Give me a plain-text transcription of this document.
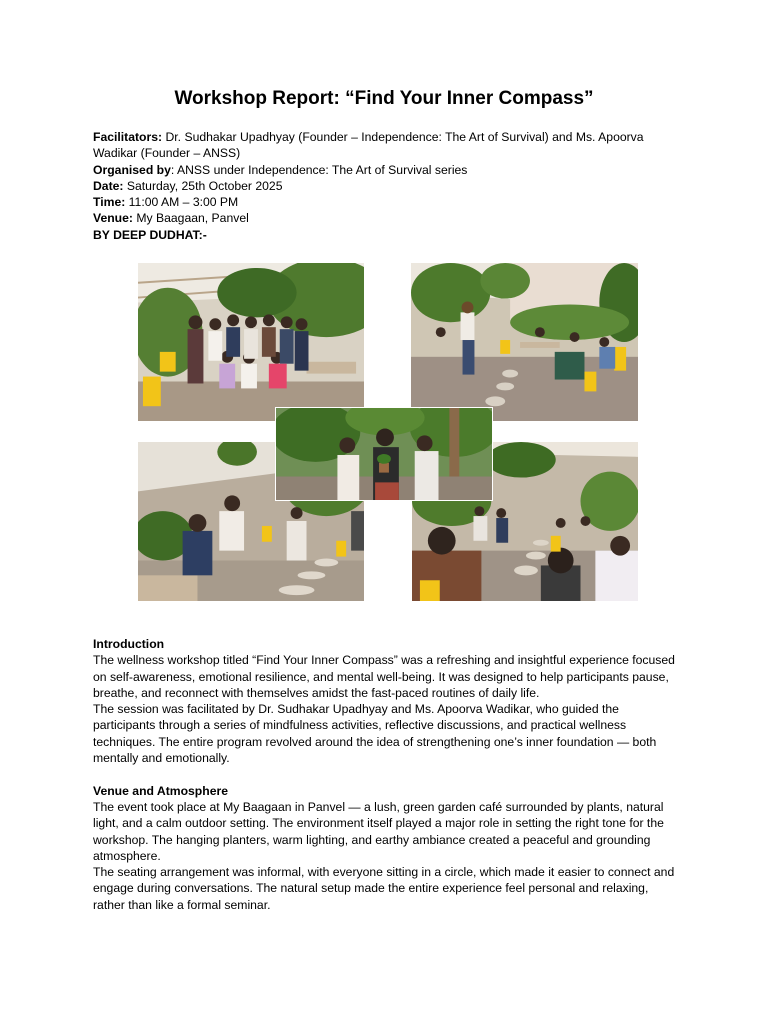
Workshop Report: “Find Your Inner Compass”
Facilitators: Dr. Sudhakar Upadhyay (Founder – Independence: The Art of Survival) and Ms. Apoorva Wadikar (Founder – ANSS)
Organised by: ANSS under Independence: The Art of Survival series
Date: Saturday, 25th October 2025
Time: 11:00 AM – 3:00 PM
Venue: My Baagaan, Panvel
BY DEEP DUDHAT:-
Introduction

The wellness workshop titled “Find Your Inner Compass” was a refreshing and insightful experience focused on self-awareness, emotional resilience, and mental well-being. It was designed to help participants pause, breathe, and reconnect with themselves amidst the fast-paced routines of daily life.

The session was facilitated by Dr. Sudhakar Upadhyay and Ms. Apoorva Wadikar, who guided the participants through a series of mindfulness activities, reflective discussions, and practical wellness techniques. The entire program revolved around the idea of strengthening one’s inner foundation — both mentally and emotionally.

Venue and Atmosphere

The event took place at My Baagaan in Panvel — a lush, green garden café surrounded by plants, natural light, and a calm outdoor setting. The environment itself played a major role in setting the right tone for the workshop. The hanging planters, warm lighting, and earthy ambiance created a peaceful and grounding atmosphere.

The seating arrangement was informal, with everyone sitting in a circle, which made it easier to connect and engage during conversations. The natural setup made the entire experience feel personal and relaxing, rather than like a formal seminar.
